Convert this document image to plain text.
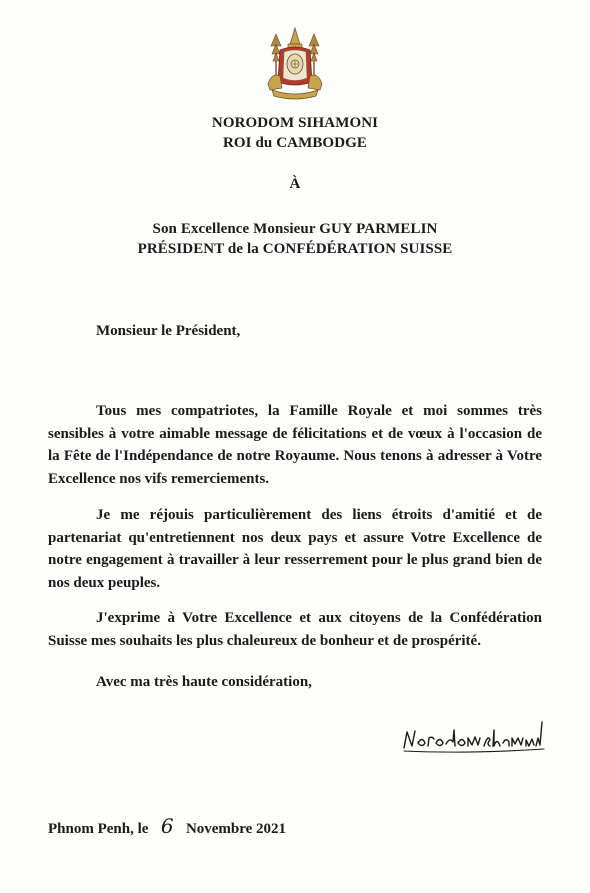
NORODOM SIHAMONI
ROI du CAMBODGE
À
Son Excellence Monsieur GUY PARMELIN
PRÉSIDENT de la CONFÉDÉRATION SUISSE
Monsieur le Président,

Tous mes compatriotes, la Famille Royale et moi sommes très sensibles à votre aimable message de félicitations et de vœux à l'occasion de la Fête de l'Indépendance de notre Royaume. Nous tenons à adresser à Votre Excellence nos vifs remerciements.

Je me réjouis particulièrement des liens étroits d'amitié et de partenariat qu'entretiennent nos deux pays et assure Votre Excellence de notre engagement à travailler à leur resserrement pour le plus grand bien de nos deux peuples.

J'exprime à Votre Excellence et aux citoyens de la Confédération Suisse mes souhaits les plus chaleureux de bonheur et de prospérité.

Avec ma très haute considération,
Phnom Penh, le 6 Novembre 2021
